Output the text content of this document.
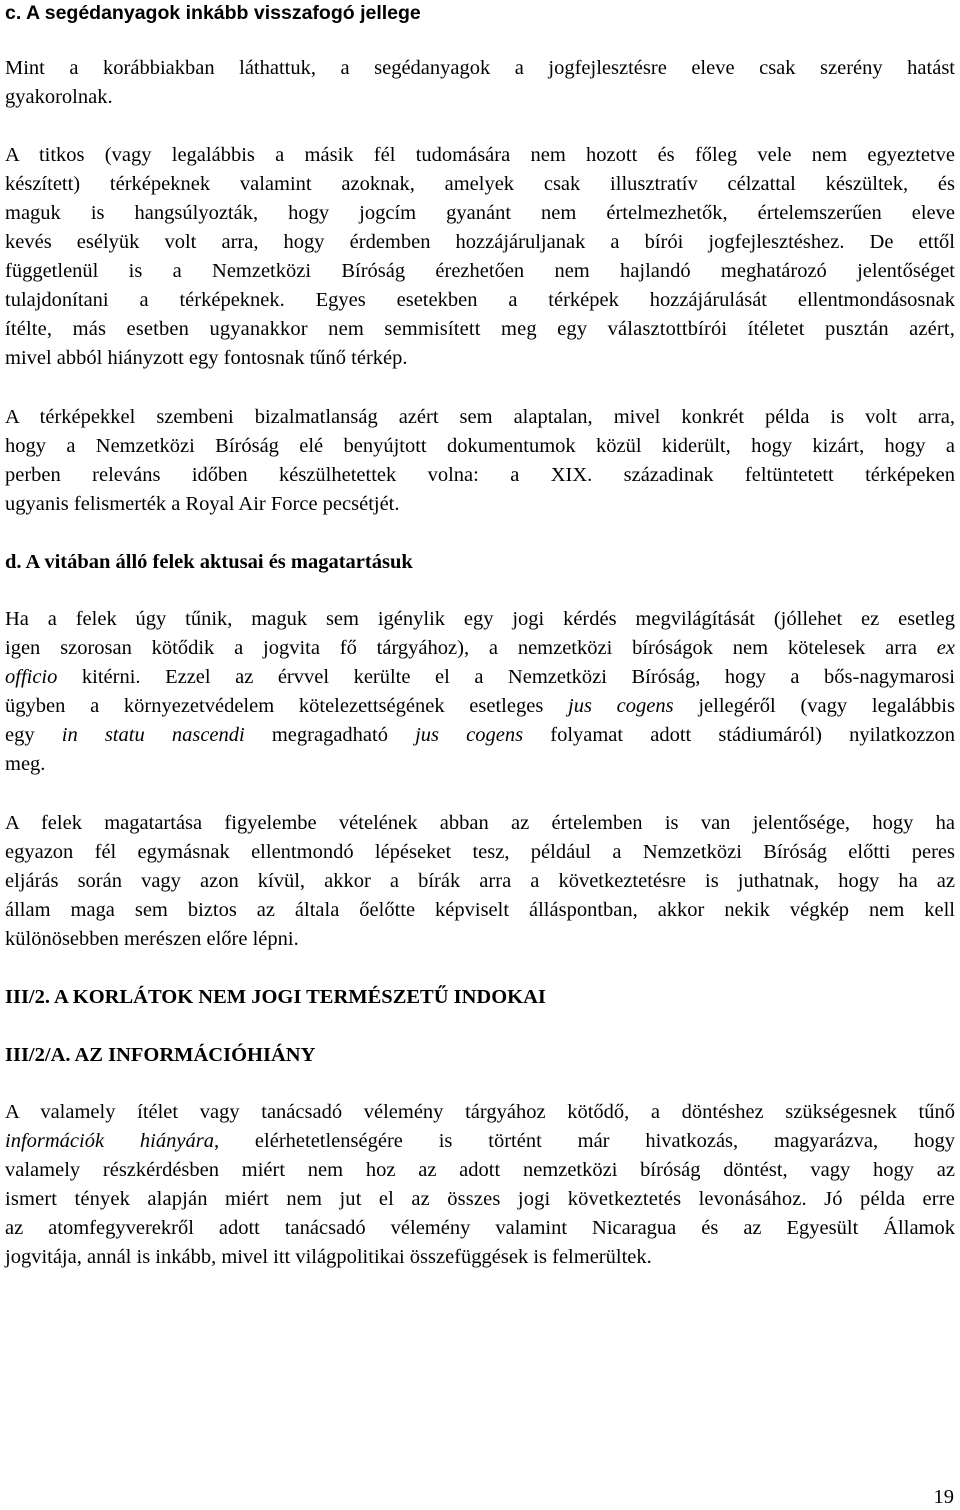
c. A segédanyagok inkább visszafogó jellege
Mint a korábbiakban láthattuk, a segédanyagok a jogfejlesztésre eleve csak szerény hatást
gyakorolnak.
A titkos (vagy legalábbis a másik fél tudomására nem hozott és főleg vele nem egyeztetve
készített) térképeknek valamint azoknak, amelyek csak illusztratív célzattal készültek, és
maguk is hangsúlyozták, hogy jogcím gyanánt nem értelmezhetők, értelemszerűen eleve
kevés esélyük volt arra, hogy érdemben hozzájáruljanak a bírói jogfejlesztéshez. De ettől
függetlenül is a Nemzetközi Bíróság érezhetően nem hajlandó meghatározó jelentőséget
tulajdonítani a térképeknek. Egyes esetekben a térképek hozzájárulását ellentmondásosnak
ítélte, más esetben ugyanakkor nem semmisített meg egy választottbírói ítéletet pusztán azért,
mivel abból hiányzott egy fontosnak tűnő térkép.
A térképekkel szembeni bizalmatlanság azért sem alaptalan, mivel konkrét példa is volt arra,
hogy a Nemzetközi Bíróság elé benyújtott dokumentumok közül kiderült, hogy kizárt, hogy a
perben releváns időben készülhetettek volna: a XIX. századinak feltüntetett térképeken
ugyanis felismerték a Royal Air Force pecsétjét.
d. A vitában álló felek aktusai és magatartásuk
Ha a felek úgy tűnik, maguk sem igénylik egy jogi kérdés megvilágítását (jóllehet ez esetleg
igen szorosan kötődik a jogvita fő tárgyához), a nemzetközi bíróságok nem kötelesek arra ex
officio kitérni. Ezzel az érvvel kerülte el a Nemzetközi Bíróság, hogy a bős-nagymarosi
ügyben a környezetvédelem kötelezettségének esetleges jus cogens jellegéről (vagy legalábbis
egy in statu nascendi megragadható jus cogens folyamat adott stádiumáról) nyilatkozzon
meg.
A felek magatartása figyelembe vételének abban az értelemben is van jelentősége, hogy ha
egyazon fél egymásnak ellentmondó lépéseket tesz, például a Nemzetközi Bíróság előtti peres
eljárás során vagy azon kívül, akkor a bírák arra a következtetésre is juthatnak, hogy ha az
állam maga sem biztos az általa őelőtte képviselt álláspontban, akkor nekik végkép nem kell
különösebben merészen előre lépni.
III/2. A KORLÁTOK NEM JOGI TERMÉSZETŰ INDOKAI
III/2/A. AZ INFORMÁCIÓHIÁNY
A valamely ítélet vagy tanácsadó vélemény tárgyához kötődő, a döntéshez szükségesnek tűnő
információk hiányára, elérhetetlenségére is történt már hivatkozás, magyarázva, hogy
valamely részkérdésben miért nem hoz az adott nemzetközi bíróság döntést, vagy hogy az
ismert tények alapján miért nem jut el az összes jogi következtetés levonásához. Jó példa erre
az atomfegyverekről adott tanácsadó vélemény valamint Nicaragua és az Egyesült Államok
jogvitája, annál is inkább, mivel itt világpolitikai összefüggések is felmerültek.
19
